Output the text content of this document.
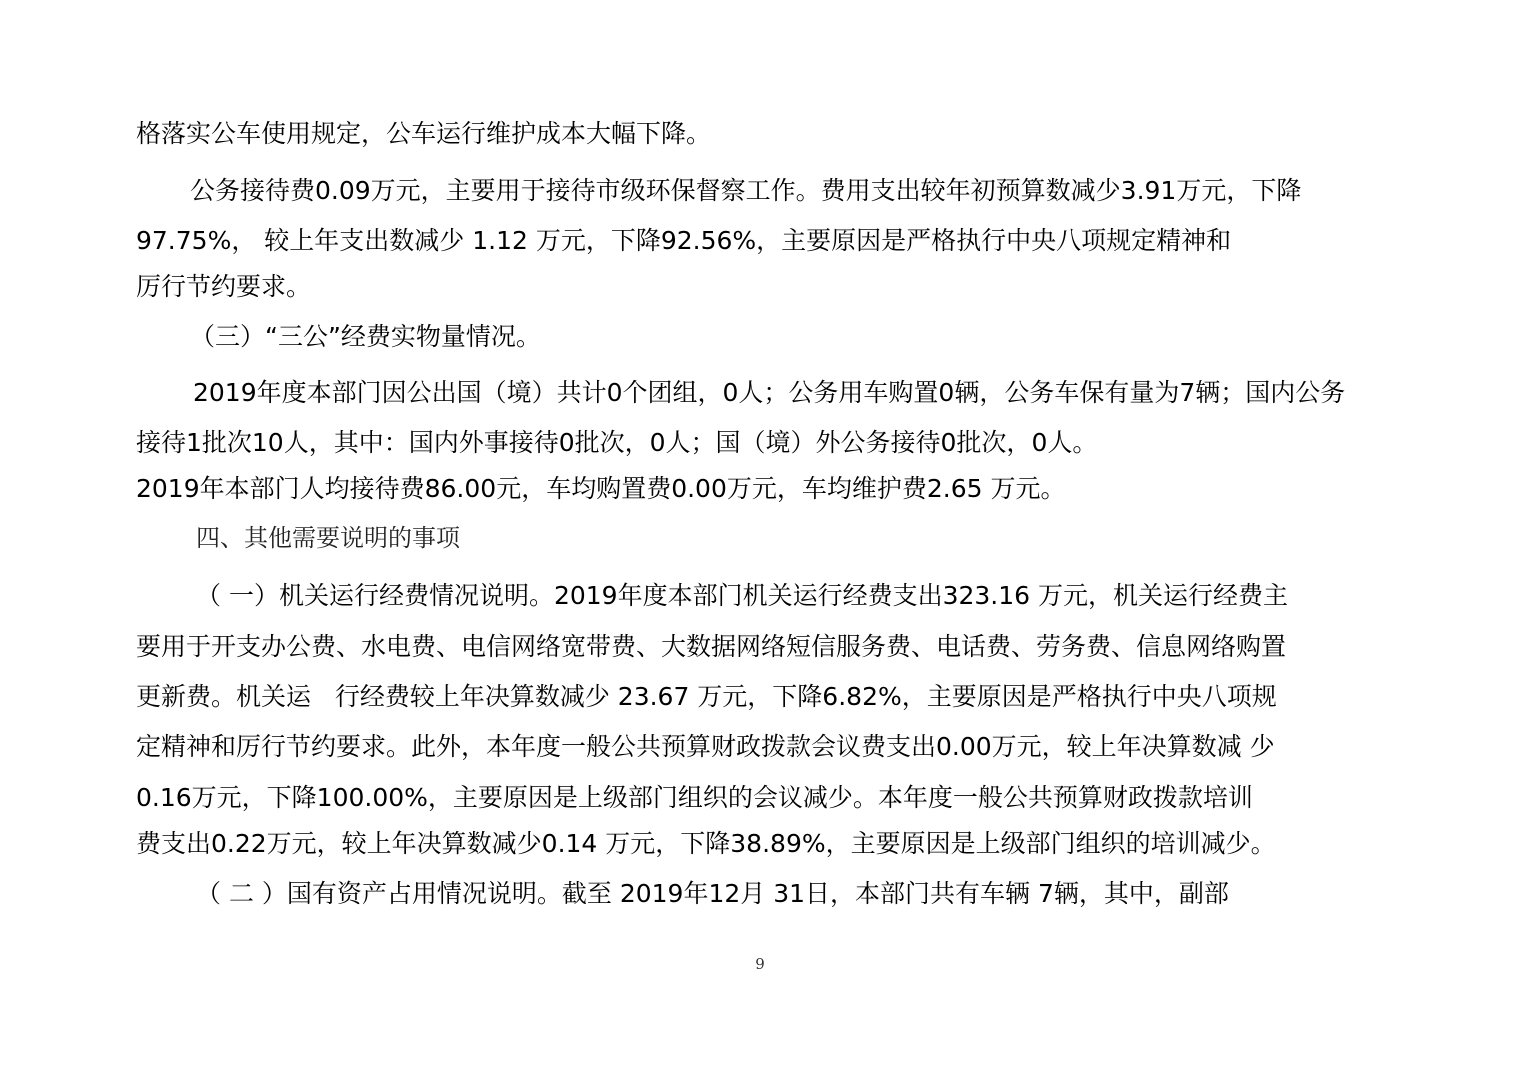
格落实公车使用规定，公车运行维护成本大幅下降。
公务接待费0.09万元，主要用于接待市级环保督察工作。费用支出较年初预算数减少3.91万元，下降
97.75%， 较上年支出数减少 1.12 万元，下降92.56%，主要原因是严格执行中央八项规定精神和
厉行节约要求。
（三）“三公”经费实物量情况。
2019年度本部门因公出国（境）共计0个团组，0人；公务用车购置0辆，公务车保有量为7辆；国内公务
接待1批次10人，其中：国内外事接待0批次，0人；国（境）外公务接待0批次，0人。
2019年本部门人均接待费86.00元，车均购置费0.00万元，车均维护费2.65 万元。
四、其他需要说明的事项
（ 一）机关运行经费情况说明。2019年度本部门机关运行经费支出323.16 万元，机关运行经费主
要用于开支办公费、水电费、电信网络宽带费、大数据网络短信服务费、电话费、劳务费、信息网络购置
更新费。机关运   行经费较上年决算数减少 23.67 万元，下降6.82%，主要原因是严格执行中央八项规
定精神和厉行节约要求。此外，本年度一般公共预算财政拨款会议费支出0.00万元，较上年决算数减 少
0.16万元，下降100.00%，主要原因是上级部门组织的会议减少。本年度一般公共预算财政拨款培训
费支出0.22万元，较上年决算数减少0.14 万元，下降38.89%，主要原因是上级部门组织的培训减少。
（ 二 ）国有资产占用情况说明。截至 2019年12月 31日，本部门共有车辆 7辆，其中，副部
9
